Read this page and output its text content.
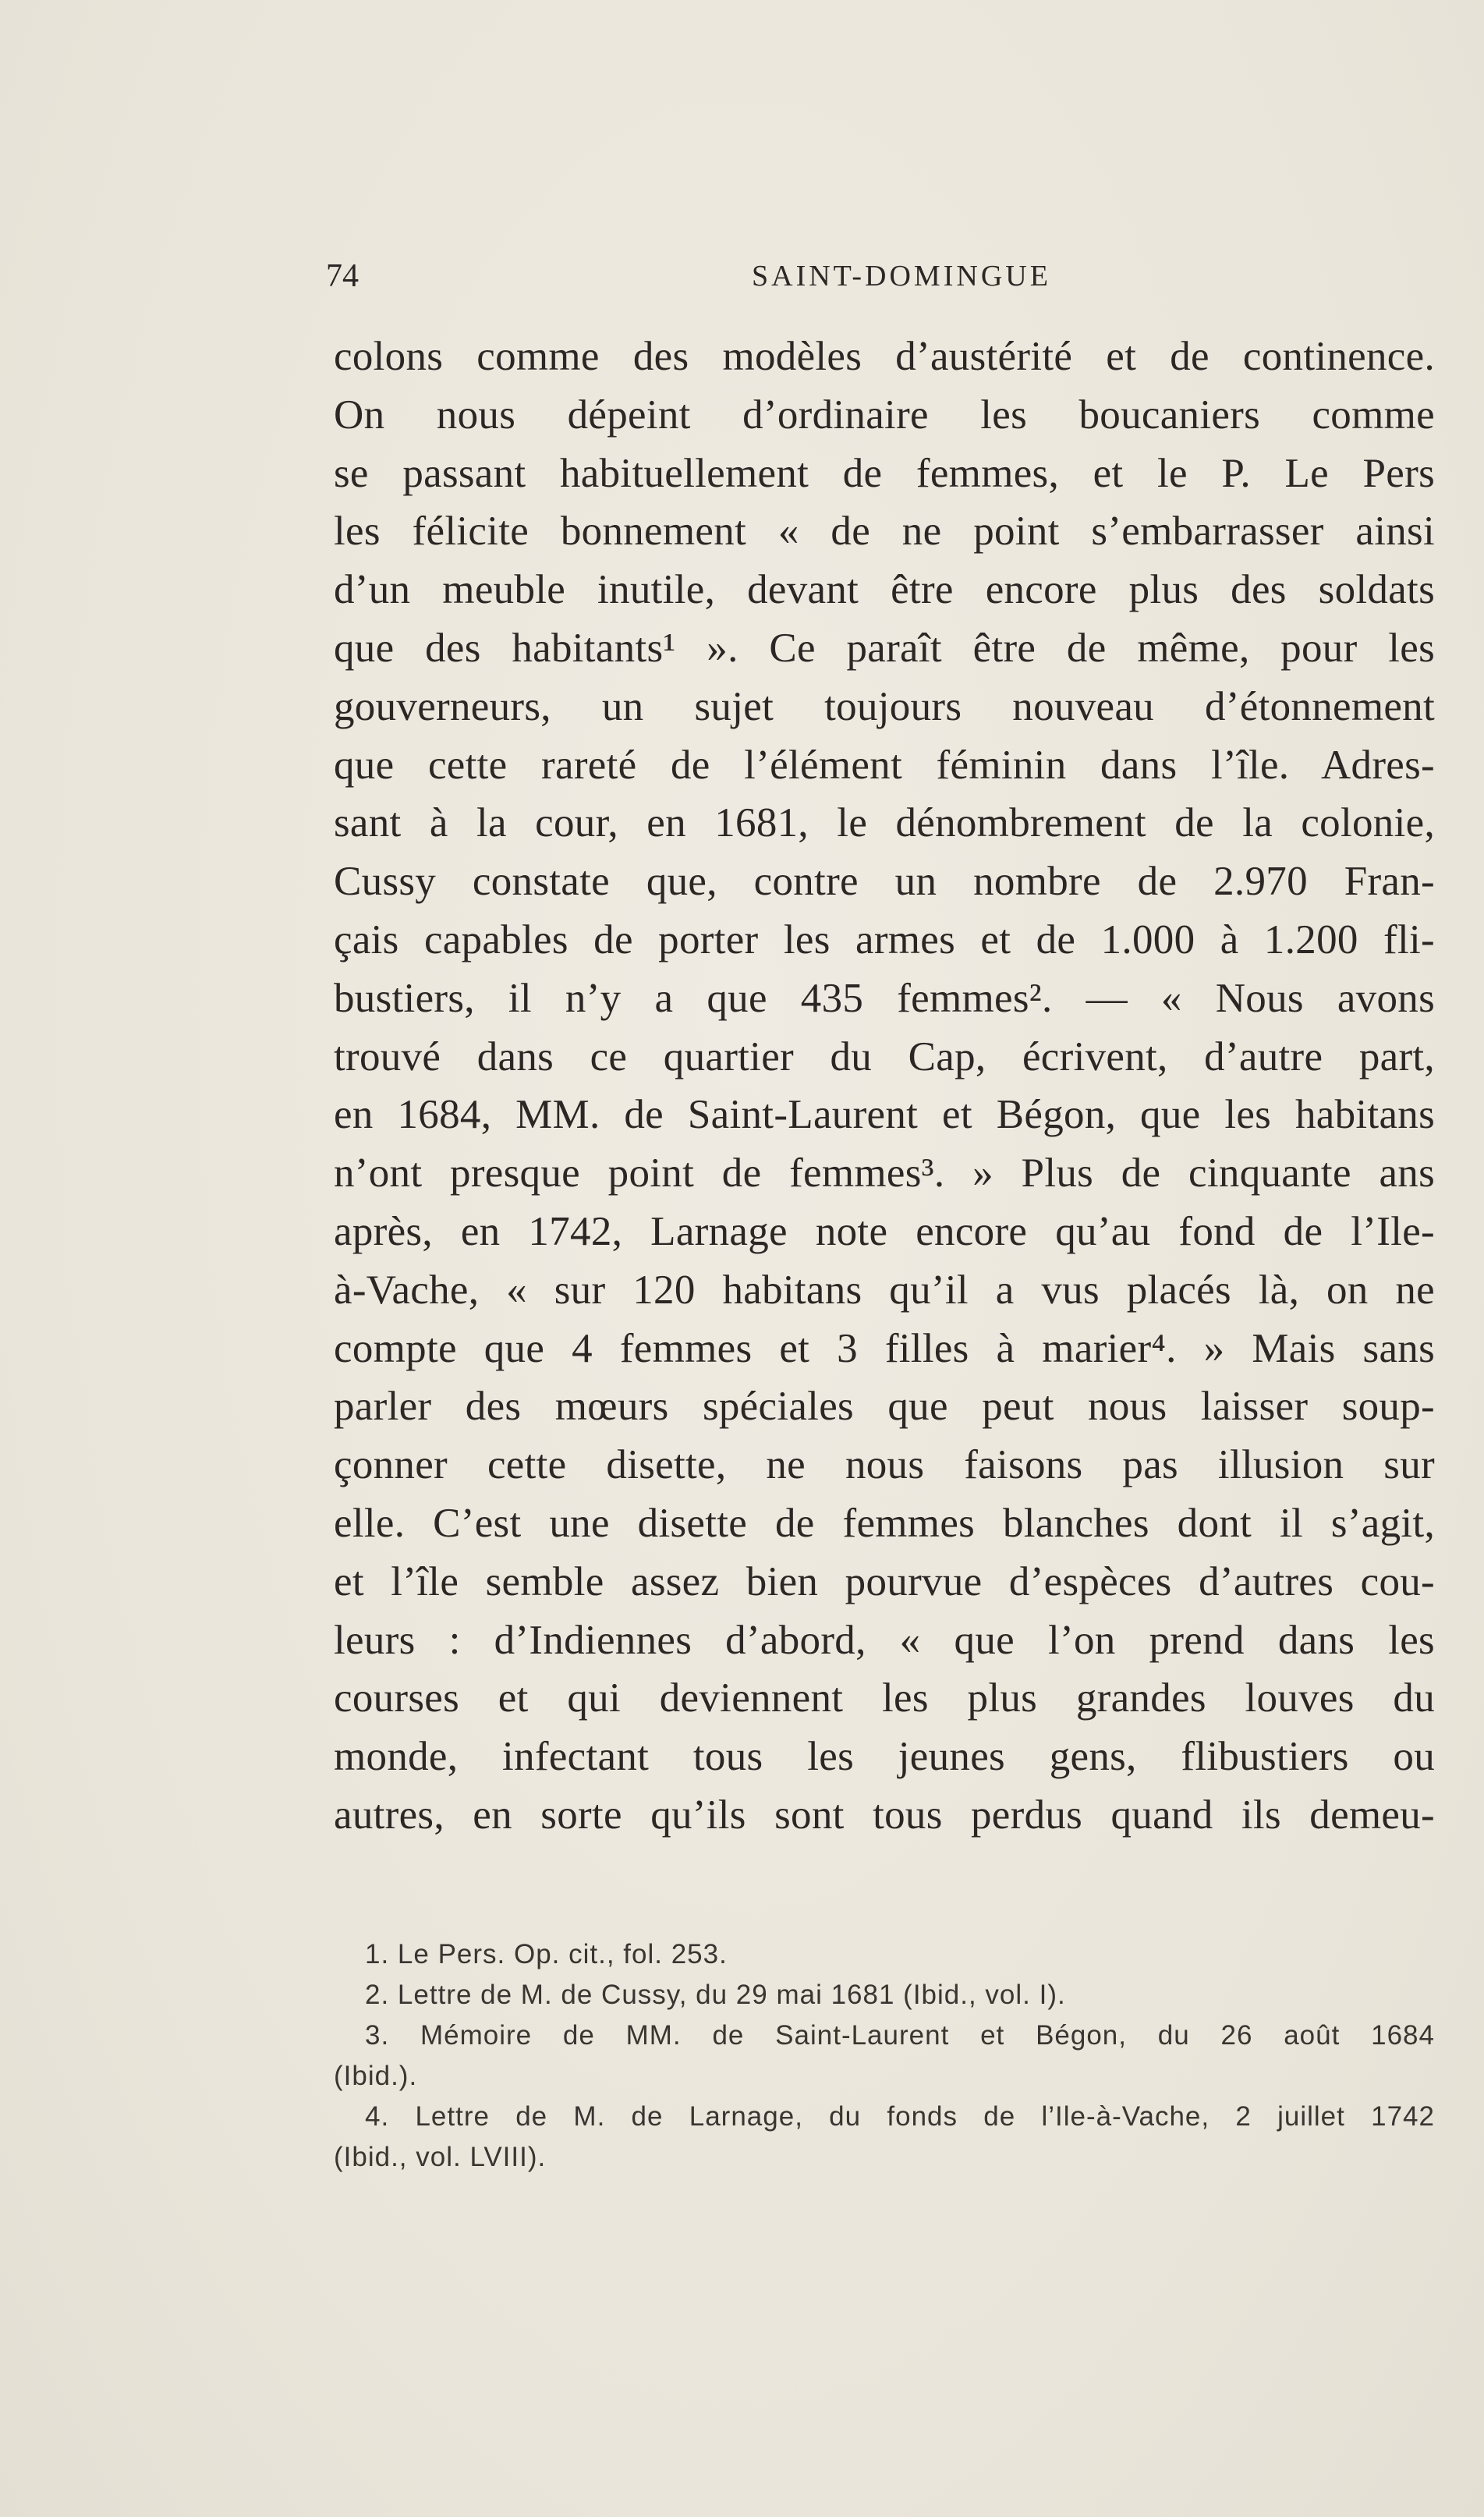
74	SAINT-DOMINGUE
colons comme des modèles d’austérité et de continence.
On nous dépeint d’ordinaire les boucaniers comme
se passant habituellement de femmes, et le P. Le Pers
les félicite bonnement « de ne point s’embarrasser ainsi
d’un meuble inutile, devant être encore plus des soldats
que des habitants¹ ». Ce paraît être de même, pour les
gouverneurs, un sujet toujours nouveau d’étonnement
que cette rareté de l’élément féminin dans l’île. Adres-
sant à la cour, en 1681, le dénombrement de la colonie,
Cussy constate que, contre un nombre de 2.970 Fran-
çais capables de porter les armes et de 1.000 à 1.200 fli-
bustiers, il n’y a que 435 femmes². — « Nous avons
trouvé dans ce quartier du Cap, écrivent, d’autre part,
en 1684, MM. de Saint-Laurent et Bégon, que les habitans
n’ont presque point de femmes³. » Plus de cinquante ans
après, en 1742, Larnage note encore qu’au fond de l’Ile-
à-Vache, « sur 120 habitans qu’il a vus placés là, on ne
compte que 4 femmes et 3 filles à marier⁴. » Mais sans
parler des mœurs spéciales que peut nous laisser soup-
çonner cette disette, ne nous faisons pas illusion sur
elle. C’est une disette de femmes blanches dont il s’agit,
et l’île semble assez bien pourvue d’espèces d’autres cou-
leurs : d’Indiennes d’abord, « que l’on prend dans les
courses et qui deviennent les plus grandes louves du
monde, infectant tous les jeunes gens, flibustiers ou
autres, en sorte qu’ils sont tous perdus quand ils demeu-
1. Le Pers. Op. cit., fol. 253.
2. Lettre de M. de Cussy, du 29 mai 1681 (Ibid., vol. I).
3. Mémoire de MM. de Saint-Laurent et Bégon, du 26 août 1684
(Ibid.).
4. Lettre de M. de Larnage, du fonds de l’Ile-à-Vache, 2 juillet 1742
(Ibid., vol. LVIII).
